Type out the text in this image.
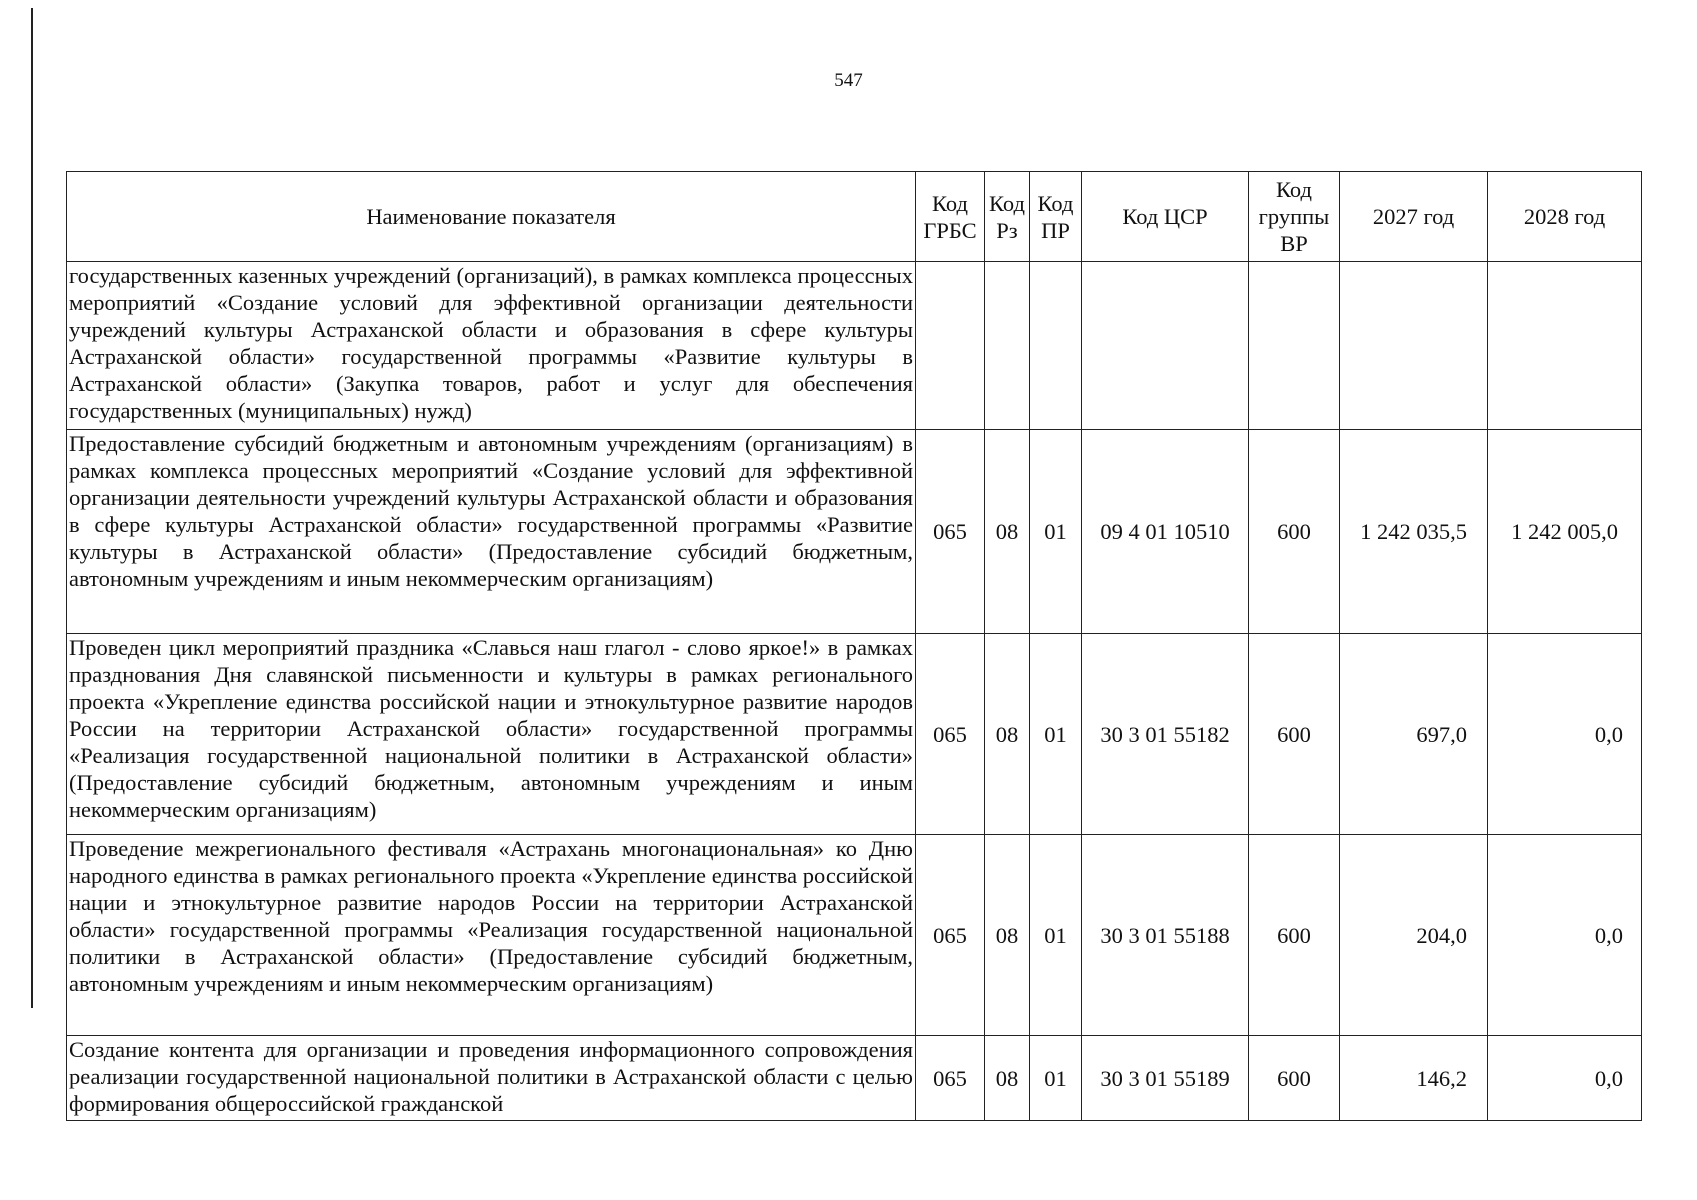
547
Наименование показателя	Код ГРБС	Код Рз	Код ПР	Код ЦСР	Код группы ВР	2027 год	2028 год
государственных казенных учреждений (организаций), в рамках комплекса процессных мероприятий «Создание условий для эффективной организации деятельности учреждений культуры Астраханской области и образования в сфере культуры Астраханской области» государственной программы «Развитие культуры в Астраханской области» (Закупка товаров, работ и услуг для обеспечения государственных (муниципальных) нужд)							
Предоставление субсидий бюджетным и автономным учреждениям (организациям) в рамках комплекса процессных мероприятий «Создание условий для эффективной организации деятельности учреждений культуры Астраханской области и образования в сфере культуры Астраханской области» государственной программы «Развитие культуры в Астраханской области» (Предоставление субсидий бюджетным, автономным учреждениям и иным некоммерческим организациям)	065	08	01	09 4 01 10510	600	1 242 035,5	1 242 005,0
Проведен цикл мероприятий праздника «Славься наш глагол - слово яркое!» в рамках празднования Дня славянской письменности и культуры в рамках регионального проекта «Укрепление единства российской нации и этнокультурное развитие народов России на территории Астраханской области» государственной программы «Реализация государственной национальной политики в Астраханской области» (Предоставление субсидий бюджетным, автономным учреждениям и иным некоммерческим организациям)	065	08	01	30 3 01 55182	600	697,0	0,0
Проведение межрегионального фестиваля «Астрахань многонациональная» ко Дню народного единства в рамках регионального проекта «Укрепление единства российской нации и этнокультурное развитие народов России на территории Астраханской области» государственной программы «Реализация государственной национальной политики в Астраханской области» (Предоставление субсидий бюджетным, автономным учреждениям и иным некоммерческим организациям)	065	08	01	30 3 01 55188	600	204,0	0,0
Создание контента для организации и проведения информационного сопровождения реализации государственной национальной политики в Астраханской области с целью формирования общероссийской гражданской	065	08	01	30 3 01 55189	600	146,2	0,0
